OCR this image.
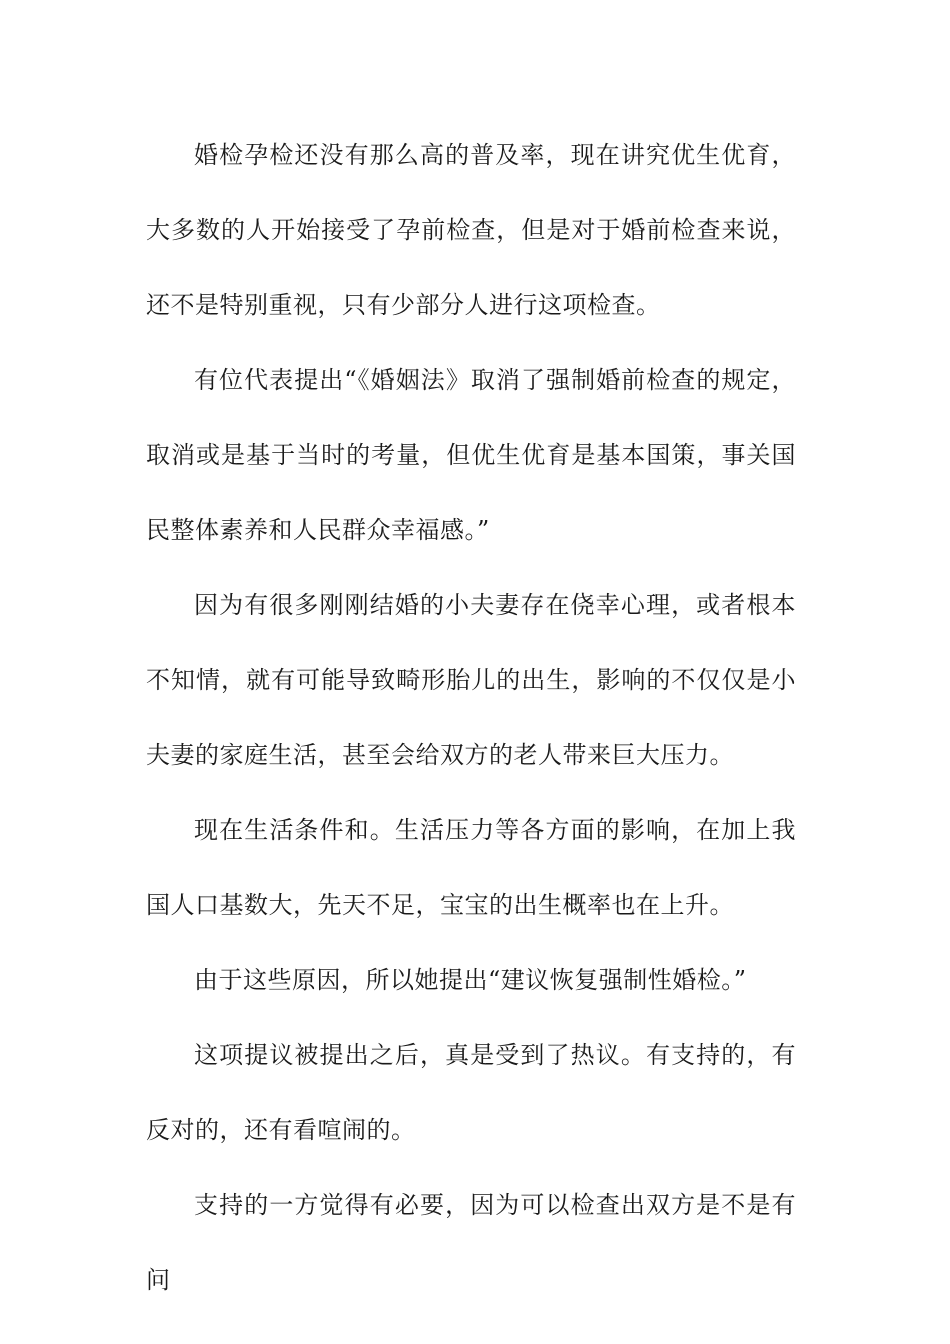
婚检孕检还没有那么高的普及率，现在讲究优生优育，大多数的人开始接受了孕前检查，但是对于婚前检查来说，还不是特别重视，只有少部分人进行这项检查。

有位代表提出“《婚姻法》取消了强制婚前检查的规定，取消或是基于当时的考量，但优生优育是基本国策，事关国民整体素养和人民群众幸福感。”

因为有很多刚刚结婚的小夫妻存在侥幸心理，或者根本不知情，就有可能导致畸形胎儿的出生，影响的不仅仅是小夫妻的家庭生活，甚至会给双方的老人带来巨大压力。

现在生活条件和。生活压力等各方面的影响，在加上我国人口基数大，先天不足，宝宝的出生概率也在上升。

由于这些原因，所以她提出“建议恢复强制性婚检。”

这项提议被提出之后，真是受到了热议。有支持的，有反对的，还有看喧闹的。

支持的一方觉得有必要，因为可以检查出双方是不是有问
